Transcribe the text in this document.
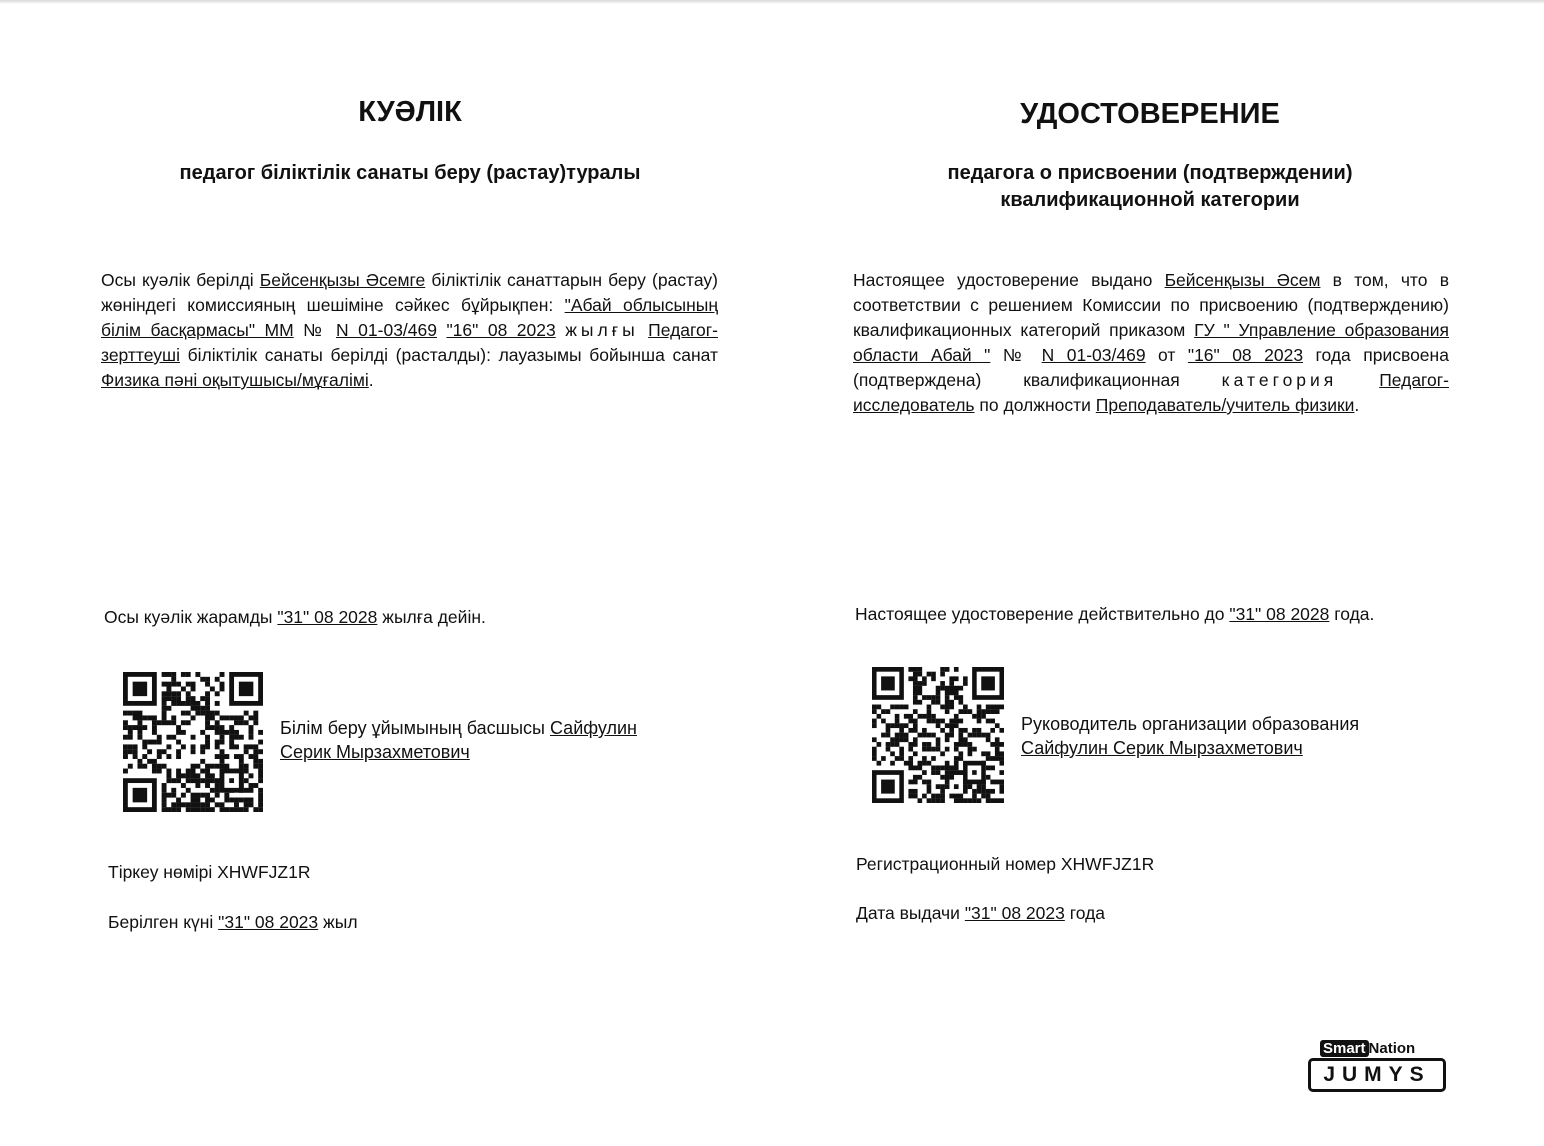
КУӘЛІК
педагог біліктілік санаты беру (растау)туралы
Осы куәлік берілді Бейсенқызы Әсемге біліктілік санаттарын беру (растау) жөніндегі комиссияның шешіміне сәйкес бұйрықпен: "Абай облысының білім басқармасы" ММ № N 01-03/469 "16" 08 2023 жылғы Педагог-зерттеуші біліктілік санаты берілді (расталды): лауазымы бойынша санат Физика пәні оқытушысы/мұғалімі.
Осы куәлік жарамды "31" 08 2028 жылға дейін.
Білім беру ұйымының басшысы Сайфулин Серик Мырзахметович
Тіркеу нөмірі XHWFJZ1R
Берілген күні "31" 08 2023 жыл
УДОСТОВЕРЕНИЕ
педагога о присвоении (подтверждении)
квалификационной категории
Настоящее удостоверение выдано Бейсенқызы Әсем в том, что в соответствии с решением Комиссии по присвоению (подтверждению) квалификационных категорий приказом ГУ " Управление образования области Абай " № N 01-03/469 от "16" 08 2023 года присвоена (подтверждена) квалификационная категория Педагог-исследователь по должности Преподаватель/учитель физики.
Настоящее удостоверение действительно до "31" 08 2028 года.
Руководитель организации образования
Сайфулин Серик Мырзахметович
Регистрационный номер XHWFJZ1R
Дата выдачи "31" 08 2023 года
Smart Nation
JUMYS
